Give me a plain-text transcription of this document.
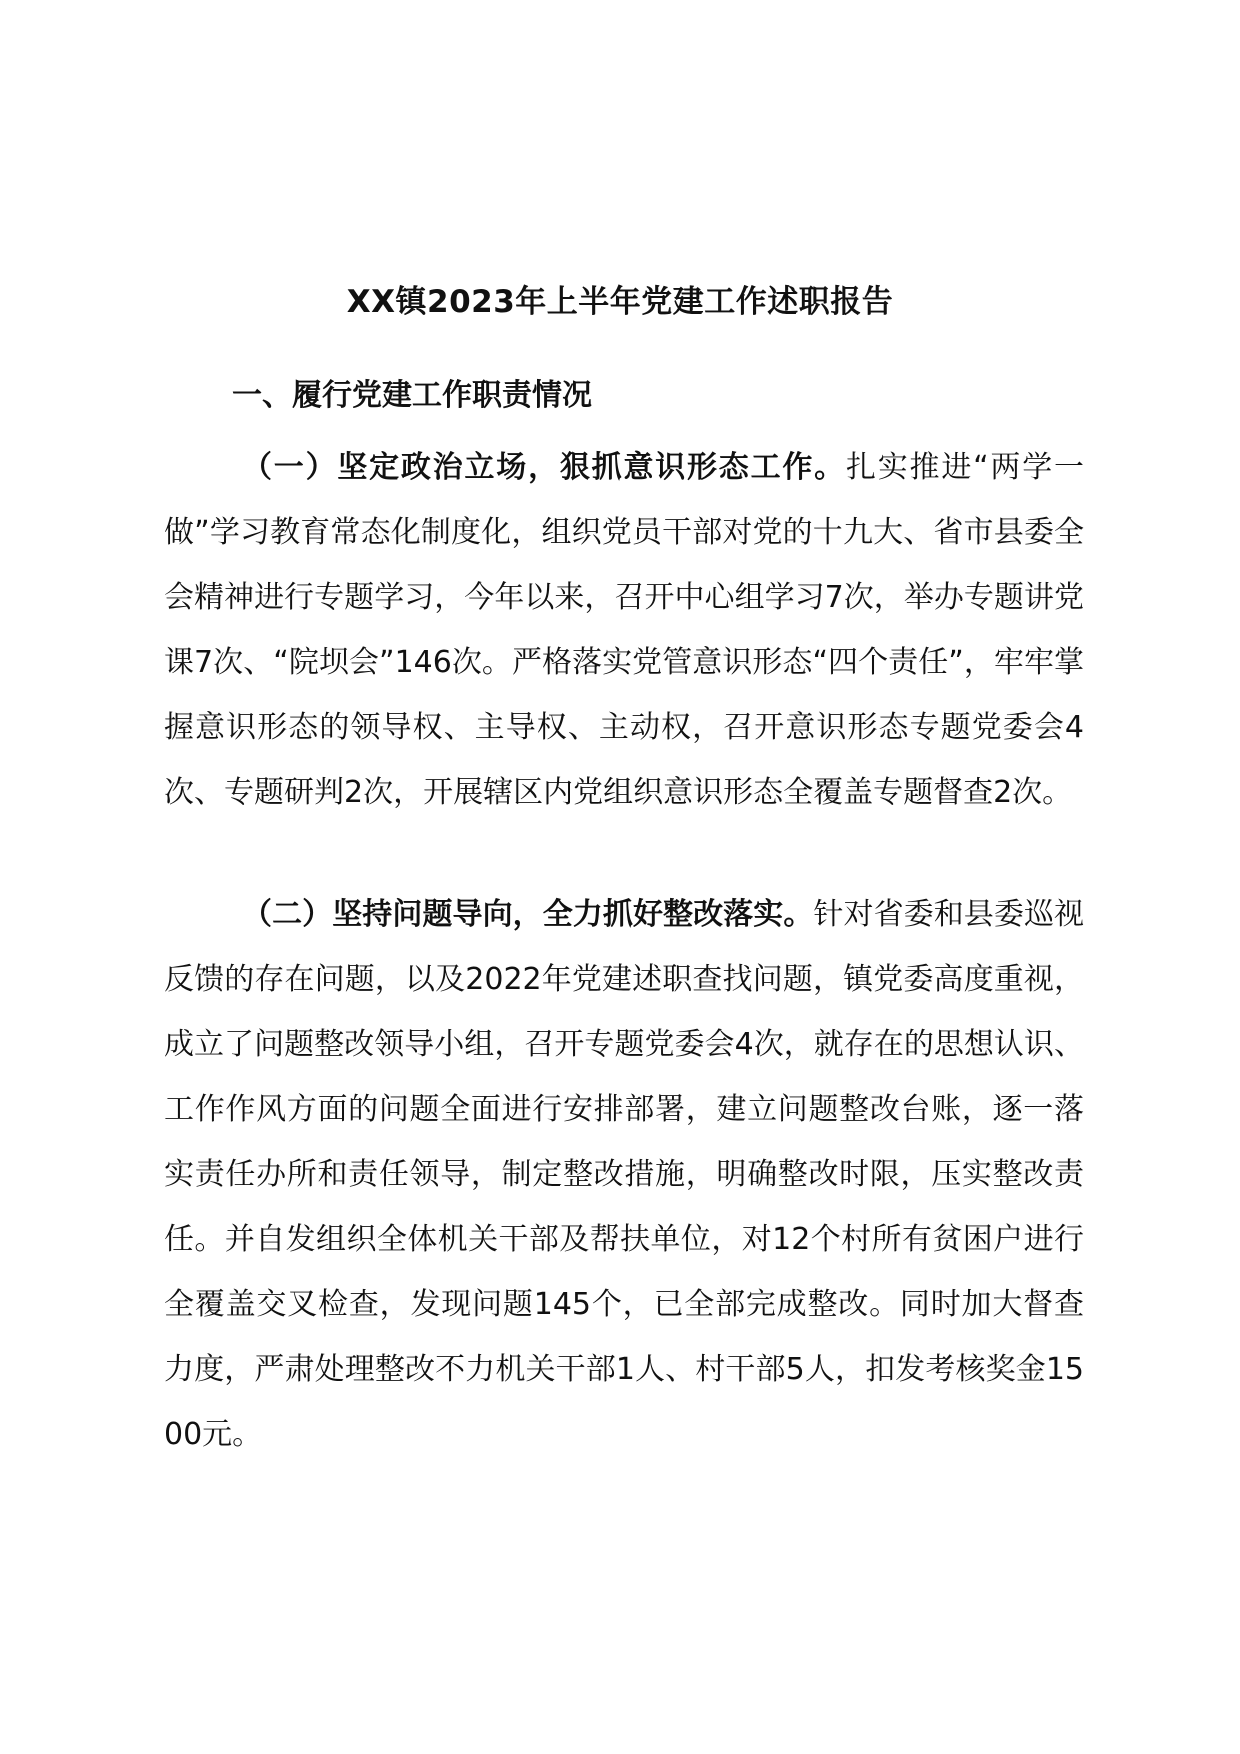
XX镇2023年上半年党建工作述职报告
一、履行党建工作职责情况

（一）坚定政治立场，狠抓意识形态工作。扎实推进“两学一做”学习教育常态化制度化，组织党员干部对党的十九大、省市县委全会精神进行专题学习，今年以来，召开中心组学习7次，举办专题讲党课7次、“院坝会”146次。严格落实党管意识形态“四个责任”，牢牢掌握意识形态的领导权、主导权、主动权，召开意识形态专题党委会4次、专题研判2次，开展辖区内党组织意识形态全覆盖专题督查2次。

（二）坚持问题导向，全力抓好整改落实。针对省委和县委巡视反馈的存在问题，以及2022年党建述职查找问题，镇党委高度重视，成立了问题整改领导小组，召开专题党委会4次，就存在的思想认识、工作作风方面的问题全面进行安排部署，建立问题整改台账，逐一落实责任办所和责任领导，制定整改措施，明确整改时限，压实整改责任。并自发组织全体机关干部及帮扶单位，对12个村所有贫困户进行全覆盖交叉检查，发现问题145个，已全部完成整改。同时加大督查力度，严肃处理整改不力机关干部1人、村干部5人，扣发考核奖金1500元。
